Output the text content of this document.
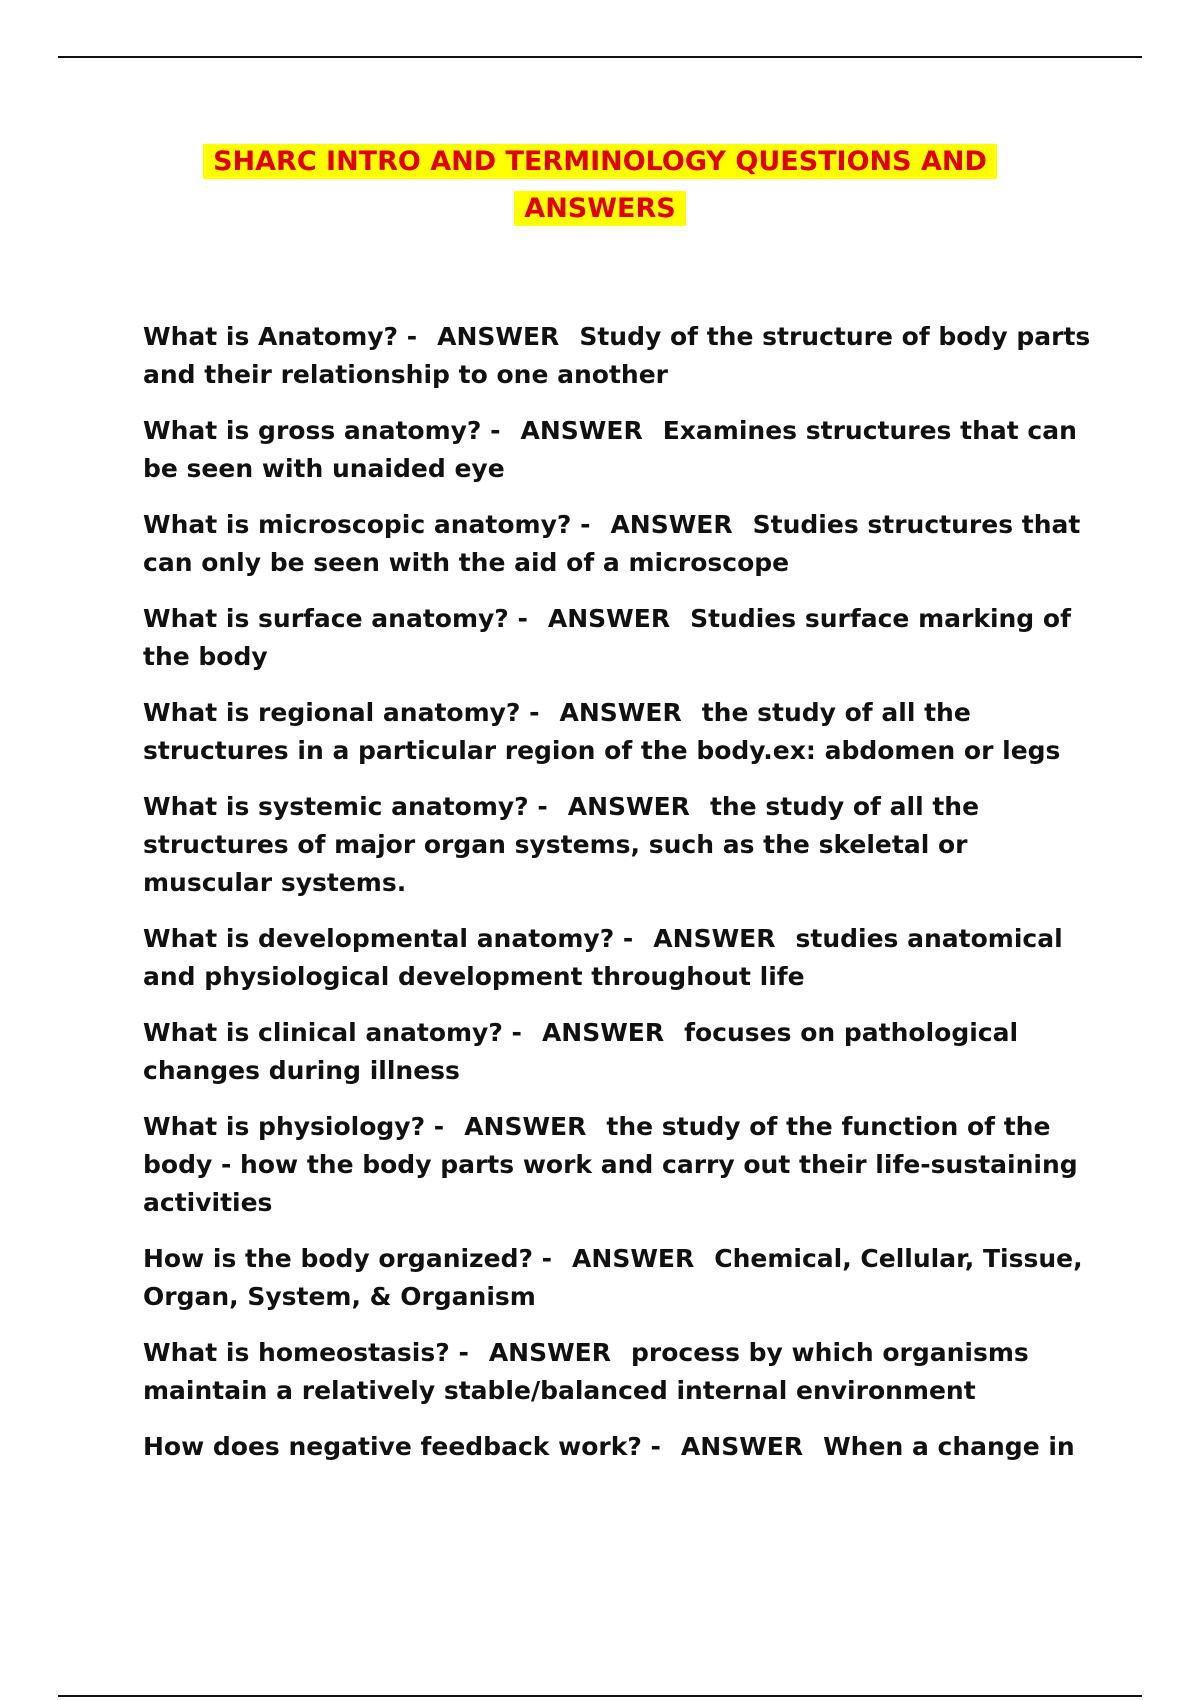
SHARC INTRO AND TERMINOLOGY QUESTIONS AND
ANSWERS

What is Anatomy? - ANSWER Study of the structure of body parts and their relationship to one another

What is gross anatomy? - ANSWER Examines structures that can be seen with unaided eye

What is microscopic anatomy? - ANSWER Studies structures that can only be seen with the aid of a microscope

What is surface anatomy? - ANSWER Studies surface marking of the body

What is regional anatomy? - ANSWER the study of all the structures in a particular region of the body.ex: abdomen or legs

What is systemic anatomy? - ANSWER the study of all the structures of major organ systems, such as the skeletal or muscular systems.

What is developmental anatomy? - ANSWER studies anatomical and physiological development throughout life

What is clinical anatomy? - ANSWER focuses on pathological changes during illness

What is physiology? - ANSWER the study of the function of the body - how the body parts work and carry out their life-sustaining activities

How is the body organized? - ANSWER Chemical, Cellular, Tissue, Organ, System, & Organism

What is homeostasis? - ANSWER process by which organisms maintain a relatively stable/balanced internal environment

How does negative feedback work? - ANSWER When a change in
